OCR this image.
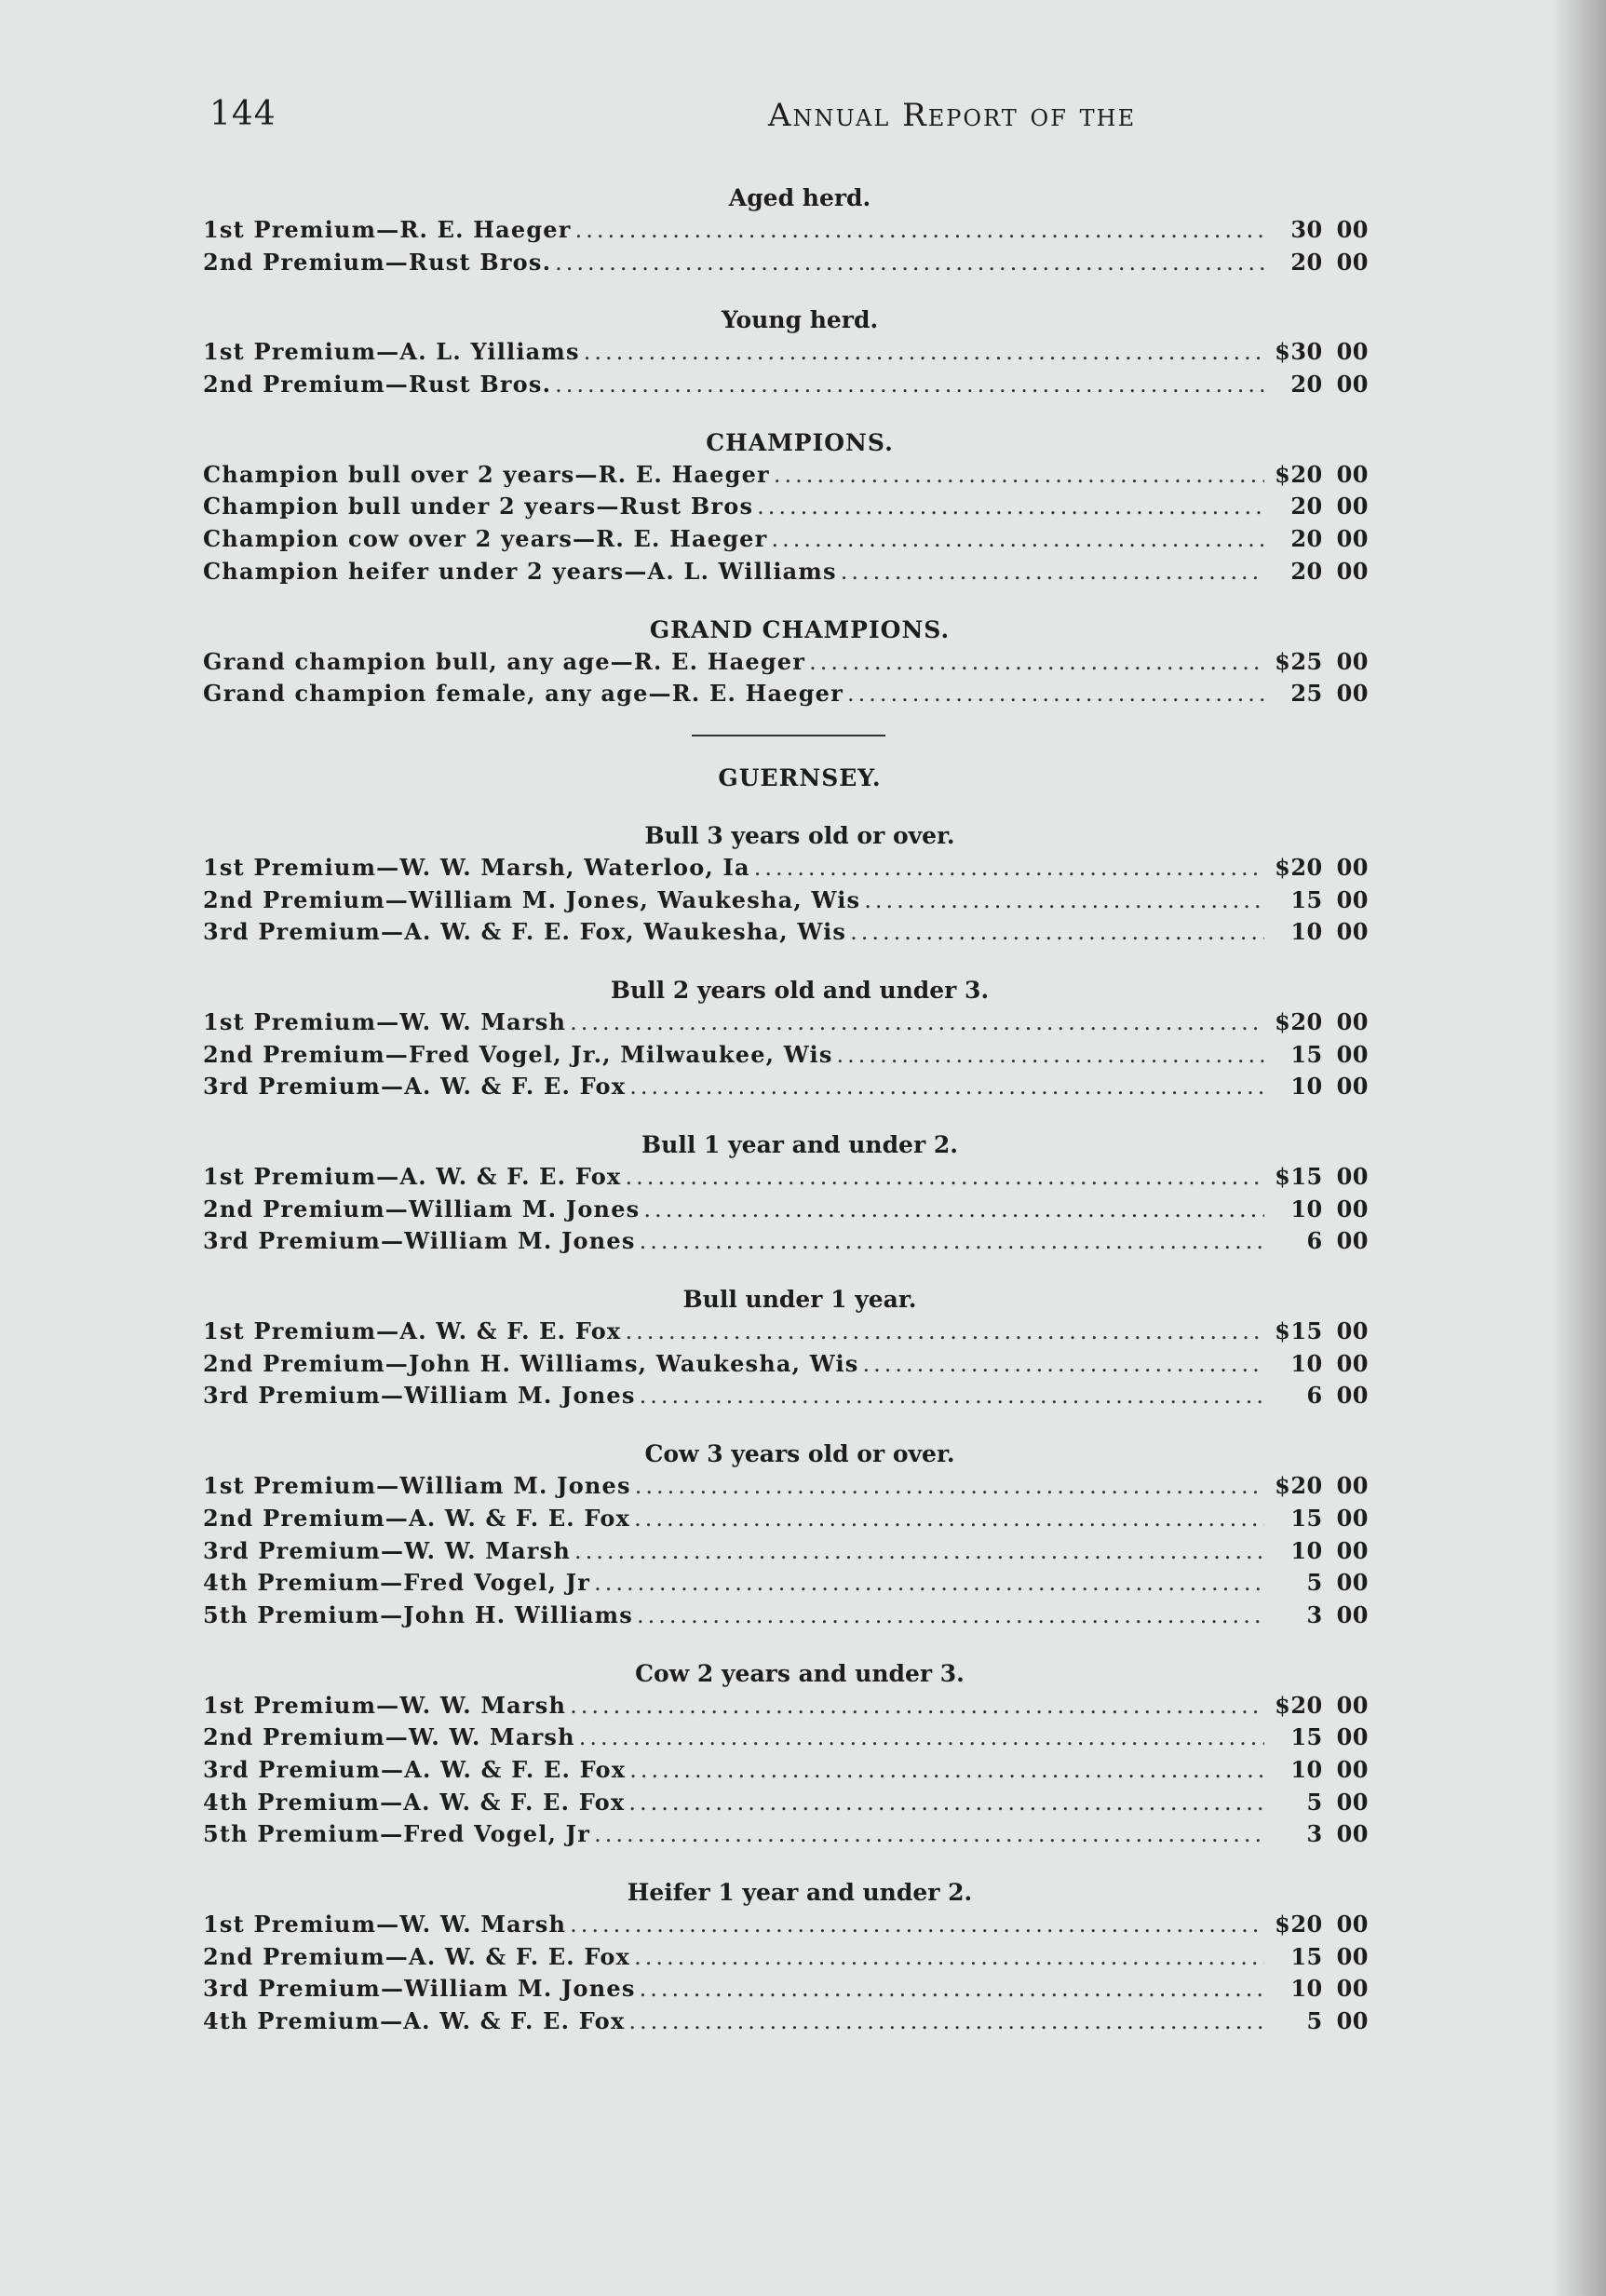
144	Annual Report of the
Aged herd.
1st Premium—R. E. Haeger .....	30 00
2nd Premium—Rust Bros. .....	20 00
Young herd.
1st Premium—A. L. Yilliams .....	$30 00
2nd Premium—Rust Bros. .....	20 00
CHAMPIONS.
Champion bull over 2 years—R. E. Haeger .....	$20 00
Champion bull under 2 years—Rust Bros .....	20 00
Champion cow over 2 years—R. E. Haeger .....	20 00
Champion heifer under 2 years—A. L. Williams .....	20 00
GRAND CHAMPIONS.
Grand champion bull, any age—R. E. Haeger .....	$25 00
Grand champion female, any age—R. E. Haeger .....	25 00
GUERNSEY.
Bull 3 years old or over.
1st Premium—W. W. Marsh, Waterloo, Ia .....	$20 00
2nd Premium—William M. Jones, Waukesha, Wis .....	15 00
3rd Premium—A. W. & F. E. Fox, Waukesha, Wis .....	10 00
Bull 2 years old and under 3.
1st Premium—W. W. Marsh .....	$20 00
2nd Premium—Fred Vogel, Jr., Milwaukee, Wis .....	15 00
3rd Premium—A. W. & F. E. Fox .....	10 00
Bull 1 year and under 2.
1st Premium—A. W. & F. E. Fox .....	$15 00
2nd Premium—William M. Jones .....	10 00
3rd Premium—William M. Jones .....	6 00
Bull under 1 year.
1st Premium—A. W. & F. E. Fox .....	$15 00
2nd Premium—John H. Williams, Waukesha, Wis .....	10 00
3rd Premium—William M. Jones .....	6 00
Cow 3 years old or over.
1st Premium—William M. Jones .....	$20 00
2nd Premium—A. W. & F. E. Fox .....	15 00
3rd Premium—W. W. Marsh .....	10 00
4th Premium—Fred Vogel, Jr .....	5 00
5th Premium—John H. Williams .....	3 00
Cow 2 years and under 3.
1st Premium—W. W. Marsh .....	$20 00
2nd Premium—W. W. Marsh .....	15 00
3rd Premium—A. W. & F. E. Fox .....	10 00
4th Premium—A. W. & F. E. Fox .....	5 00
5th Premium—Fred Vogel, Jr .....	3 00
Heifer 1 year and under 2.
1st Premium—W. W. Marsh .....	$20 00
2nd Premium—A. W. & F. E. Fox .....	15 00
3rd Premium—William M. Jones .....	10 00
4th Premium—A. W. & F. E. Fox .....	5 00
